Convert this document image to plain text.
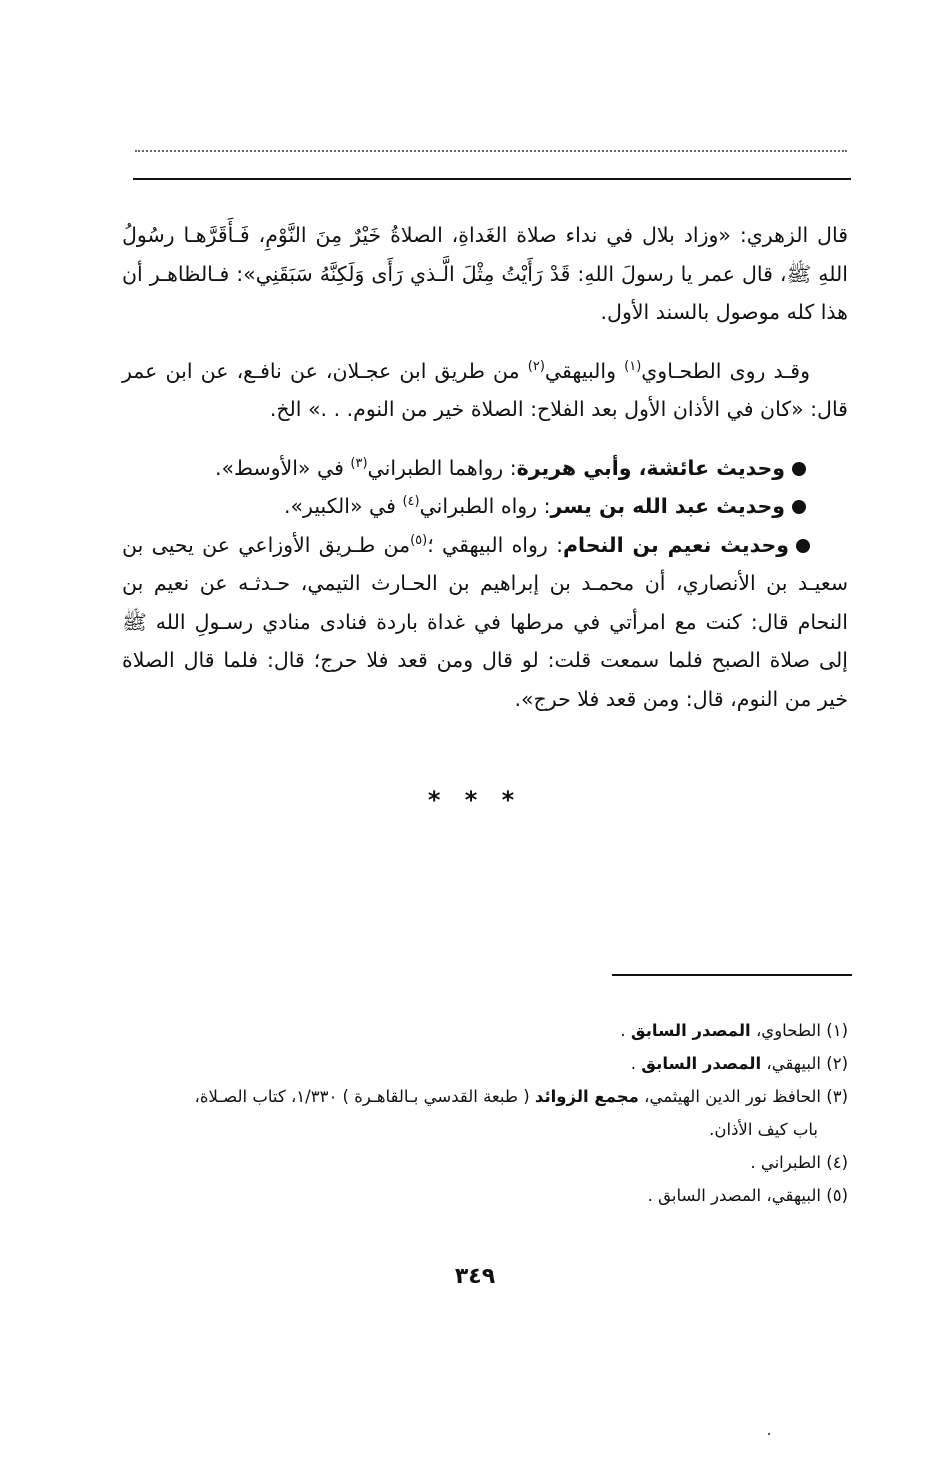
قال الزهري: «وزاد بلال في نداء صلاة الغَداةِ، الصلاةُ خَيْرٌ مِنَ النَّوْمِ، فَـأَقَرَّهـا رسُولُ اللهِ ﷺ، قال عمر يا رسولَ اللهِ: قَدْ رَأَيْتُ مِثْلَ الَّـذي رَأَى وَلَكِنَّهُ سَبَقَنِي»: فـالظاهـر أن هذا كله موصول بالسند الأول.

وقـد روى الطحـاوي$^{(١)}$ والبيهقي$^{(٢)}$ من طريق ابن عجـلان، عن نافـع، عن ابن عمر قال: «كان في الأذان الأول بعد الفلاح: الصلاة خير من النوم. . .» الخ.

وحديث عائشة، وأبي هريرة: رواهما الطبراني$^{(٣)}$ في «الأوسط».

وحديث عبد الله بن يسر: رواه الطبراني$^{(٤)}$ في «الكبير».

وحديث نعيم بن النحام: رواه البيهقي ؛$^{(٥)}$من طـريق الأوزاعي عن يحيى بن سعيـد بن الأنصاري، أن محمـد بن إبراهيم بن الحـارث التيمي، حـدثـه عن نعيم بن النحام قال: كنت مع امرأتي في مرطها في غداة باردة فنادى منادي رسـولِ الله ﷺ إلى صلاة الصبح فلما سمعت قلت: لو قال ومن قعد فلا حرج؛ قال: فلما قال الصلاة خير من النوم، قال: ومن قعد فلا حرج».

* * *

(١) الطحاوي، المصدر السابق .

(٢) البيهقي، المصدر السابق .

(٣) الحافظ نور الدين الهيثمي، مجمع الزوائد ( طبعة القدسي بـالقاهـرة ) ١/٣٣٠، كتاب الصـلاة،

باب كيف الأذان.

(٤) الطبراني .

(٥) البيهقي، المصدر السابق .

٣٤٩
